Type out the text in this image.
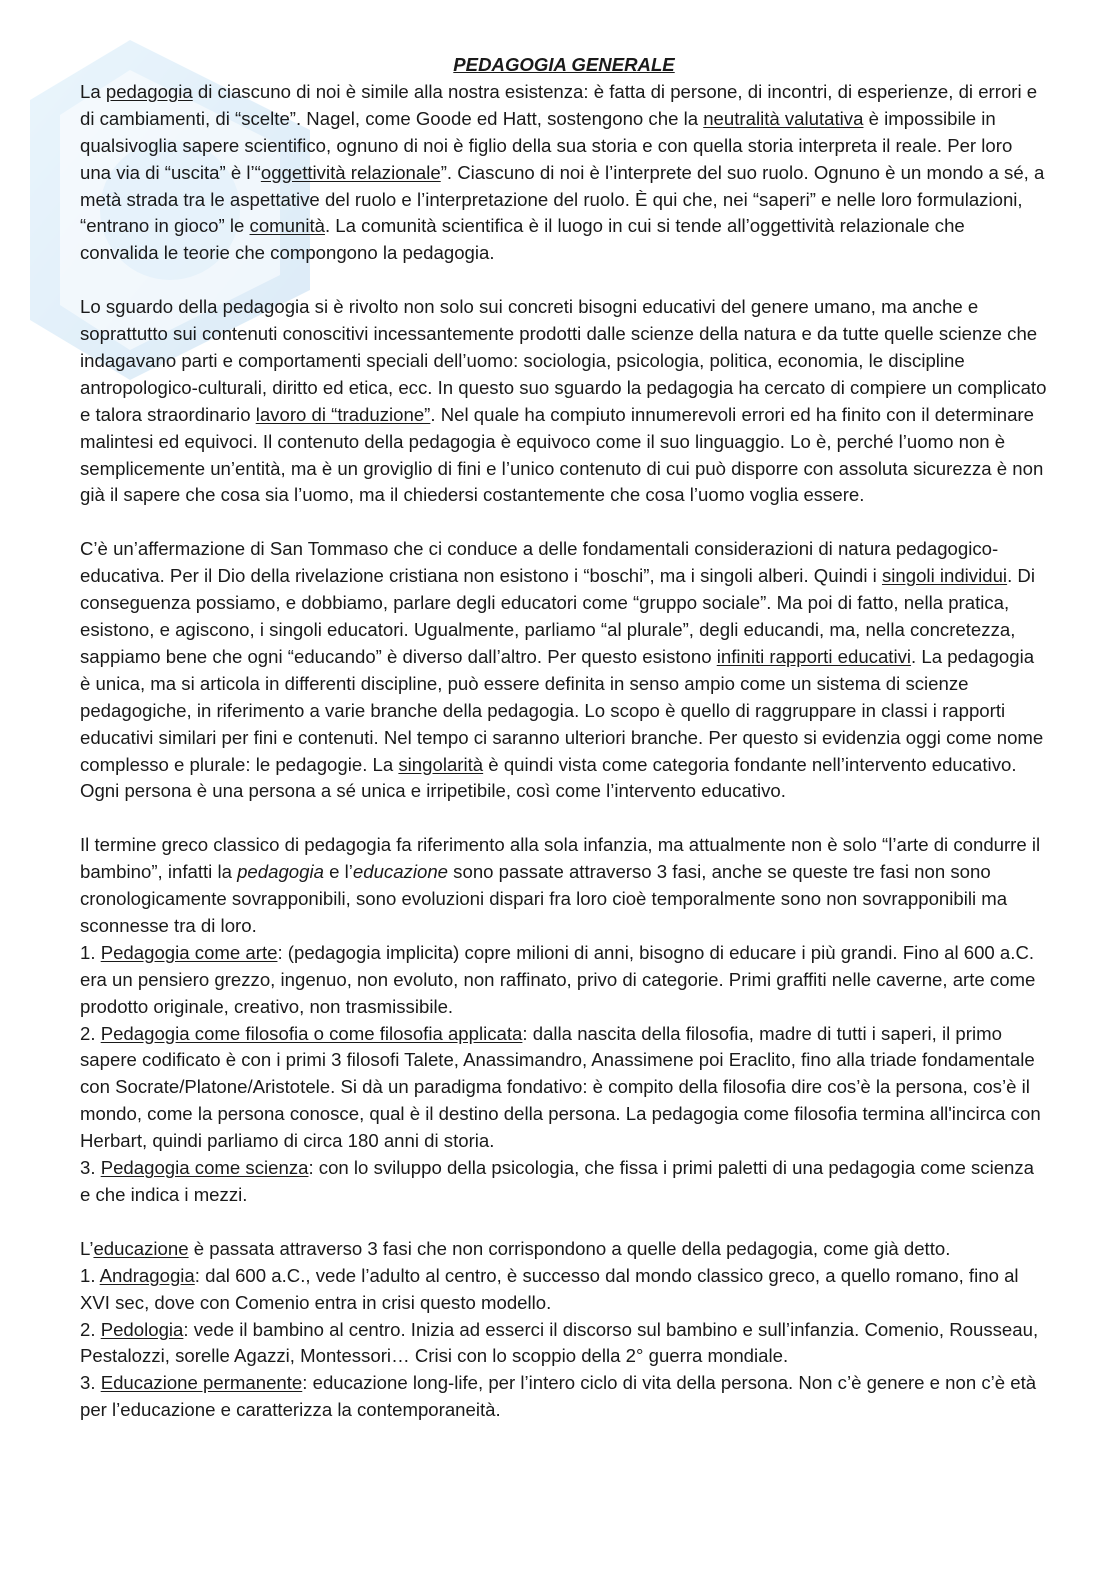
PEDAGOGIA GENERALE

La pedagogia di ciascuno di noi è simile alla nostra esistenza: è fatta di persone, di incontri, di esperienze, di errori e di cambiamenti, di “scelte”. Nagel, come Goode ed Hatt, sostengono che la neutralità valutativa è impossibile in qualsivoglia sapere scientifico, ognuno di noi è figlio della sua storia e con quella storia interpreta il reale. Per loro una via di “uscita” è l’“oggettività relazionale”. Ciascuno di noi è l’interprete del suo ruolo. Ognuno è un mondo a sé, a metà strada tra le aspettative del ruolo e l’interpretazione del ruolo. È qui che, nei “saperi” e nelle loro formulazioni, “entrano in gioco” le comunità. La comunità scientifica è il luogo in cui si tende all’oggettività relazionale che convalida le teorie che compongono la pedagogia.

Lo sguardo della pedagogia si è rivolto non solo sui concreti bisogni educativi del genere umano, ma anche e soprattutto sui contenuti conoscitivi incessantemente prodotti dalle scienze della natura e da tutte quelle scienze che indagavano parti e comportamenti speciali dell’uomo: sociologia, psicologia, politica, economia, le discipline antropologico-culturali, diritto ed etica, ecc. In questo suo sguardo la pedagogia ha cercato di compiere un complicato e talora straordinario lavoro di “traduzione”. Nel quale ha compiuto innumerevoli errori ed ha finito con il determinare malintesi ed equivoci. Il contenuto della pedagogia è equivoco come il suo linguaggio. Lo è, perché l’uomo non è semplicemente un’entità, ma è un groviglio di fini e l’unico contenuto di cui può disporre con assoluta sicurezza è non già il sapere che cosa sia l’uomo, ma il chiedersi costantemente che cosa l’uomo voglia essere.

C’è un’affermazione di San Tommaso che ci conduce a delle fondamentali considerazioni di natura pedagogico-educativa. Per il Dio della rivelazione cristiana non esistono i “boschi”, ma i singoli alberi. Quindi i singoli individui. Di conseguenza possiamo, e dobbiamo, parlare degli educatori come “gruppo sociale”. Ma poi di fatto, nella pratica, esistono, e agiscono, i singoli educatori. Ugualmente, parliamo “al plurale”, degli educandi, ma, nella concretezza, sappiamo bene che ogni “educando” è diverso dall’altro. Per questo esistono infiniti rapporti educativi. La pedagogia è unica, ma si articola in differenti discipline, può essere definita in senso ampio come un sistema di scienze pedagogiche, in riferimento a varie branche della pedagogia. Lo scopo è quello di raggruppare in classi i rapporti educativi similari per fini e contenuti. Nel tempo ci saranno ulteriori branche. Per questo si evidenzia oggi come nome complesso e plurale: le pedagogie. La singolarità è quindi vista come categoria fondante nell’intervento educativo. Ogni persona è una persona a sé unica e irripetibile, così come l’intervento educativo.

Il termine greco classico di pedagogia fa riferimento alla sola infanzia, ma attualmente non è solo “l’arte di condurre il bambino”, infatti la pedagogia e l’educazione sono passate attraverso 3 fasi, anche se queste tre fasi non sono cronologicamente sovrapponibili, sono evoluzioni dispari fra loro cioè temporalmente sono non sovrapponibili ma sconnesse tra di loro.

1. Pedagogia come arte: (pedagogia implicita) copre milioni di anni, bisogno di educare i più grandi. Fino al 600 a.C. era un pensiero grezzo, ingenuo, non evoluto, non raffinato, privo di categorie. Primi graffiti nelle caverne, arte come prodotto originale, creativo, non trasmissibile.

2. Pedagogia come filosofia o come filosofia applicata: dalla nascita della filosofia, madre di tutti i saperi, il primo sapere codificato è con i primi 3 filosofi Talete, Anassimandro, Anassimene poi Eraclito, fino alla triade fondamentale con Socrate/Platone/Aristotele. Si dà un paradigma fondativo: è compito della filosofia dire cos’è la persona, cos’è il mondo, come la persona conosce, qual è il destino della persona. La pedagogia come filosofia termina all'incirca con Herbart, quindi parliamo di circa 180 anni di storia.

3. Pedagogia come scienza: con lo sviluppo della psicologia, che fissa i primi paletti di una pedagogia come scienza e che indica i mezzi.

L’educazione è passata attraverso 3 fasi che non corrispondono a quelle della pedagogia, come già detto.

1. Andragogia: dal 600 a.C., vede l’adulto al centro, è successo dal mondo classico greco, a quello romano, fino al XVI sec, dove con Comenio entra in crisi questo modello.

2. Pedologia: vede il bambino al centro. Inizia ad esserci il discorso sul bambino e sull’infanzia. Comenio, Rousseau, Pestalozzi, sorelle Agazzi, Montessori… Crisi con lo scoppio della 2° guerra mondiale.

3. Educazione permanente: educazione long-life, per l’intero ciclo di vita della persona. Non c’è genere e non c’è età per l’educazione e caratterizza la contemporaneità.
